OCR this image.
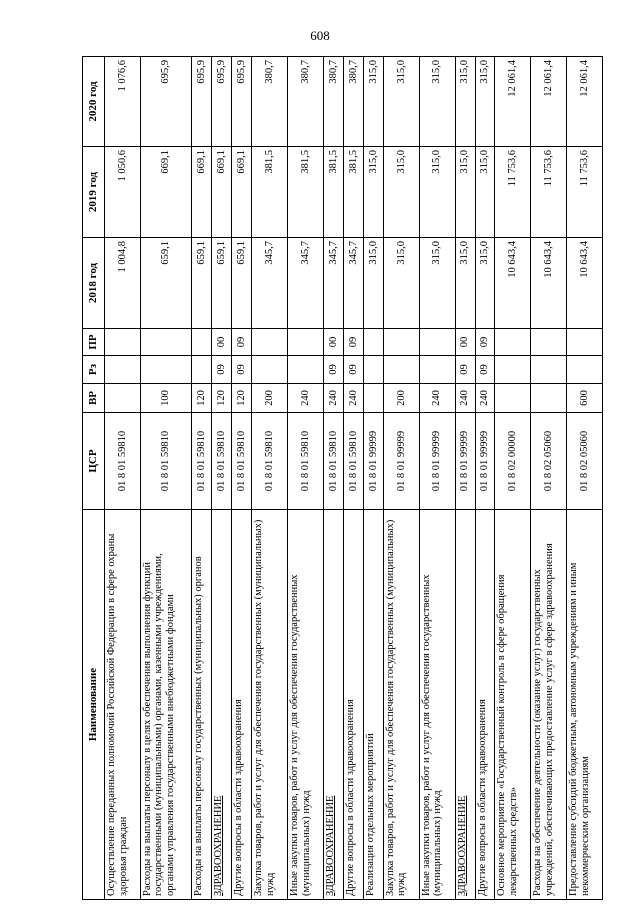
608
Наименование	ЦСР	ВР	Рз	ПР	2018 год	2019 год	2020 год
Осуществление переданных полномочий Российской Федерации в сфере охраны здоровья граждан	01 8 01 59810				1 004,8	1 050,6	1 076,6
Расходы на выплаты персоналу в целях обеспечения выполнения функций государственными (муниципальными) органами, казенными учреждениями, органами управления государственными внебюджетными фондами	01 8 01 59810	100			659,1	669,1	695,9
Расходы на выплаты персоналу государственных (муниципальных) органов	01 8 01 59810	120			659,1	669,1	695,9
ЗДРАВООХРАНЕНИЕ	01 8 01 59810	120	09	00	659,1	669,1	695,9
Другие вопросы в области здравоохранения	01 8 01 59810	120	09	09	659,1	669,1	695,9
Закупка товаров, работ и услуг для обеспечения государственных (муниципальных) нужд	01 8 01 59810	200			345,7	381,5	380,7
Иные закупки товаров, работ и услуг для обеспечения государственных (муниципальных) нужд	01 8 01 59810	240			345,7	381,5	380,7
ЗДРАВООХРАНЕНИЕ	01 8 01 59810	240	09	00	345,7	381,5	380,7
Другие вопросы в области здравоохранения	01 8 01 59810	240	09	09	345,7	381,5	380,7
Реализация отдельных мероприятий	01 8 01 99999				315,0	315,0	315,0
Закупка товаров, работ и услуг для обеспечения государственных (муниципальных) нужд	01 8 01 99999	200			315,0	315,0	315,0
Иные закупки товаров, работ и услуг для обеспечения государственных (муниципальных) нужд	01 8 01 99999	240			315,0	315,0	315,0
ЗДРАВООХРАНЕНИЕ	01 8 01 99999	240	09	00	315,0	315,0	315,0
Другие вопросы в области здравоохранения	01 8 01 99999	240	09	09	315,0	315,0	315,0
Основное мероприятие «Государственный контроль в сфере обращения лекарственных средств»	01 8 02 00000				10 643,4	11 753,6	12 061,4
Расходы на обеспечение деятельности (оказание услуг) государственных учреждений, обеспечивающих предоставление услуг в сфере здравоохранения	01 8 02 05060				10 643,4	11 753,6	12 061,4
Предоставление субсидий бюджетным, автономным учреждениям и иным некоммерческим организациям	01 8 02 05060	600			10 643,4	11 753,6	12 061,4
